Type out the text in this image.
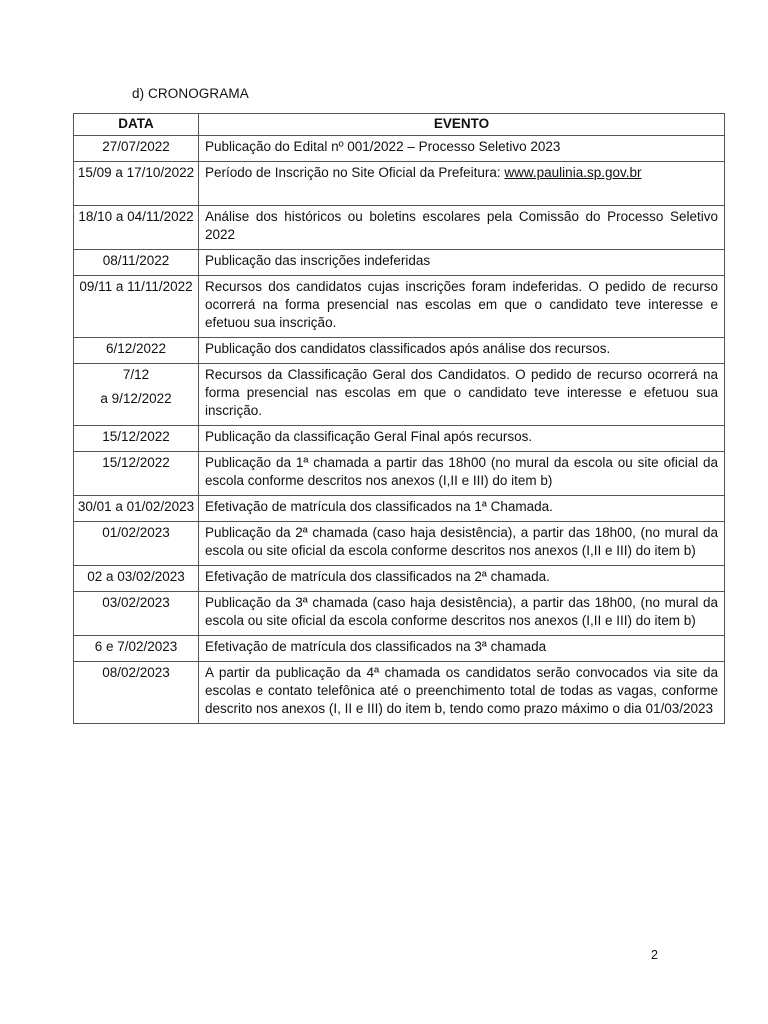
d) CRONOGRAMA
DATA	EVENTO
27/07/2022	Publicação do Edital nº 001/2022 – Processo Seletivo 2023
15/09 a 17/10/2022	Período de Inscrição no Site Oficial da Prefeitura: www.paulinia.sp.gov.br
18/10 a 04/11/2022	Análise dos históricos ou boletins escolares pela Comissão do Processo Seletivo 2022
08/11/2022	Publicação das inscrições indeferidas
09/11 a 11/11/2022	Recursos dos candidatos cujas inscrições foram indeferidas. O pedido de recurso ocorrerá na forma presencial nas escolas em que o candidato teve interesse e efetuou sua inscrição.
6/12/2022	Publicação dos candidatos classificados após análise dos recursos.
7/12
a 9/12/2022	Recursos da Classificação Geral dos Candidatos. O pedido de recurso ocorrerá na forma presencial nas escolas em que o candidato teve interesse e efetuou sua inscrição.
15/12/2022	Publicação da classificação Geral Final após recursos.
15/12/2022	Publicação da 1ª chamada a partir das 18h00 (no mural da escola ou site oficial da escola conforme descritos nos anexos (I,II e III) do item b)
30/01 a 01/02/2023	Efetivação de matrícula dos classificados na 1ª Chamada.
01/02/2023	Publicação da 2ª chamada (caso haja desistência), a partir das 18h00, (no mural da escola ou site oficial da escola conforme descritos nos anexos (I,II e III) do item b)
02 a 03/02/2023	Efetivação de matrícula dos classificados na 2ª chamada.
03/02/2023	Publicação da 3ª chamada (caso haja desistência), a partir das 18h00, (no mural da escola ou site oficial da escola conforme descritos nos anexos (I,II e III) do item b)
6 e 7/02/2023	Efetivação de matrícula dos classificados na 3ª chamada
08/02/2023	A partir da publicação da 4ª chamada os candidatos serão convocados via site da escolas e contato telefônica até o preenchimento total de todas as vagas, conforme descrito nos anexos (I, II e III) do item b, tendo como prazo máximo o dia 01/03/2023
2
